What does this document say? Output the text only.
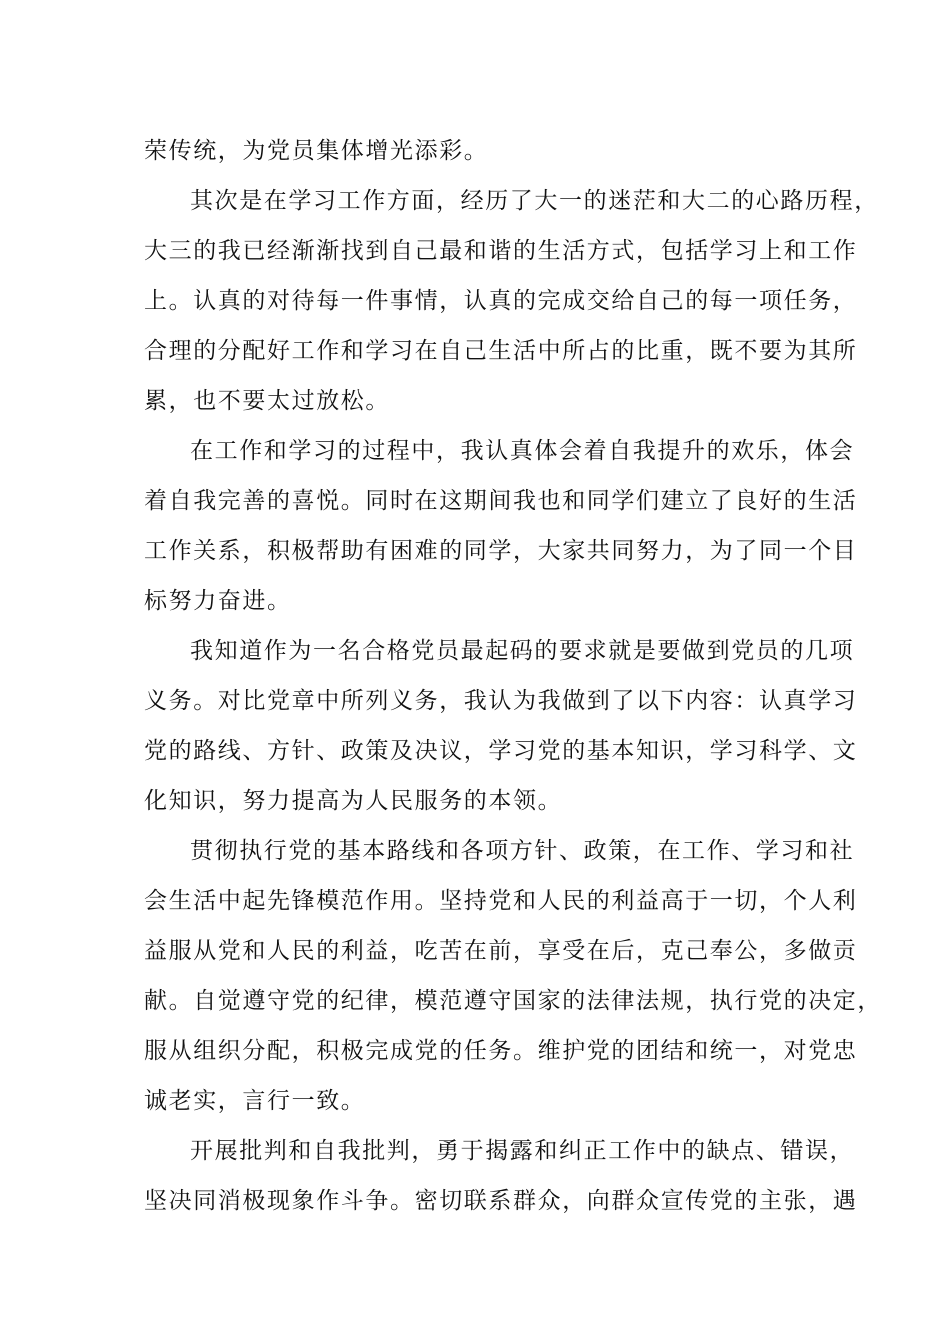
荣传统，为党员集体增光添彩。
其次是在学习工作方面，经历了大一的迷茫和大二的心路历程，
大三的我已经渐渐找到自己最和谐的生活方式，包括学习上和工作
上。认真的对待每一件事情，认真的完成交给自己的每一项任务，
合理的分配好工作和学习在自己生活中所占的比重，既不要为其所
累，也不要太过放松。
在工作和学习的过程中，我认真体会着自我提升的欢乐，体会
着自我完善的喜悦。同时在这期间我也和同学们建立了良好的生活
工作关系，积极帮助有困难的同学，大家共同努力，为了同一个目
标努力奋进。
我知道作为一名合格党员最起码的要求就是要做到党员的几项
义务。对比党章中所列义务，我认为我做到了以下内容：认真学习
党的路线、方针、政策及决议，学习党的基本知识，学习科学、文
化知识，努力提高为人民服务的本领。
贯彻执行党的基本路线和各项方针、政策，在工作、学习和社
会生活中起先锋模范作用。坚持党和人民的利益高于一切，个人利
益服从党和人民的利益，吃苦在前，享受在后，克己奉公，多做贡
献。自觉遵守党的纪律，模范遵守国家的法律法规，执行党的决定，
服从组织分配，积极完成党的任务。维护党的团结和统一，对党忠
诚老实，言行一致。
开展批判和自我批判，勇于揭露和纠正工作中的缺点、错误，
坚决同消极现象作斗争。密切联系群众，向群众宣传党的主张，遇
